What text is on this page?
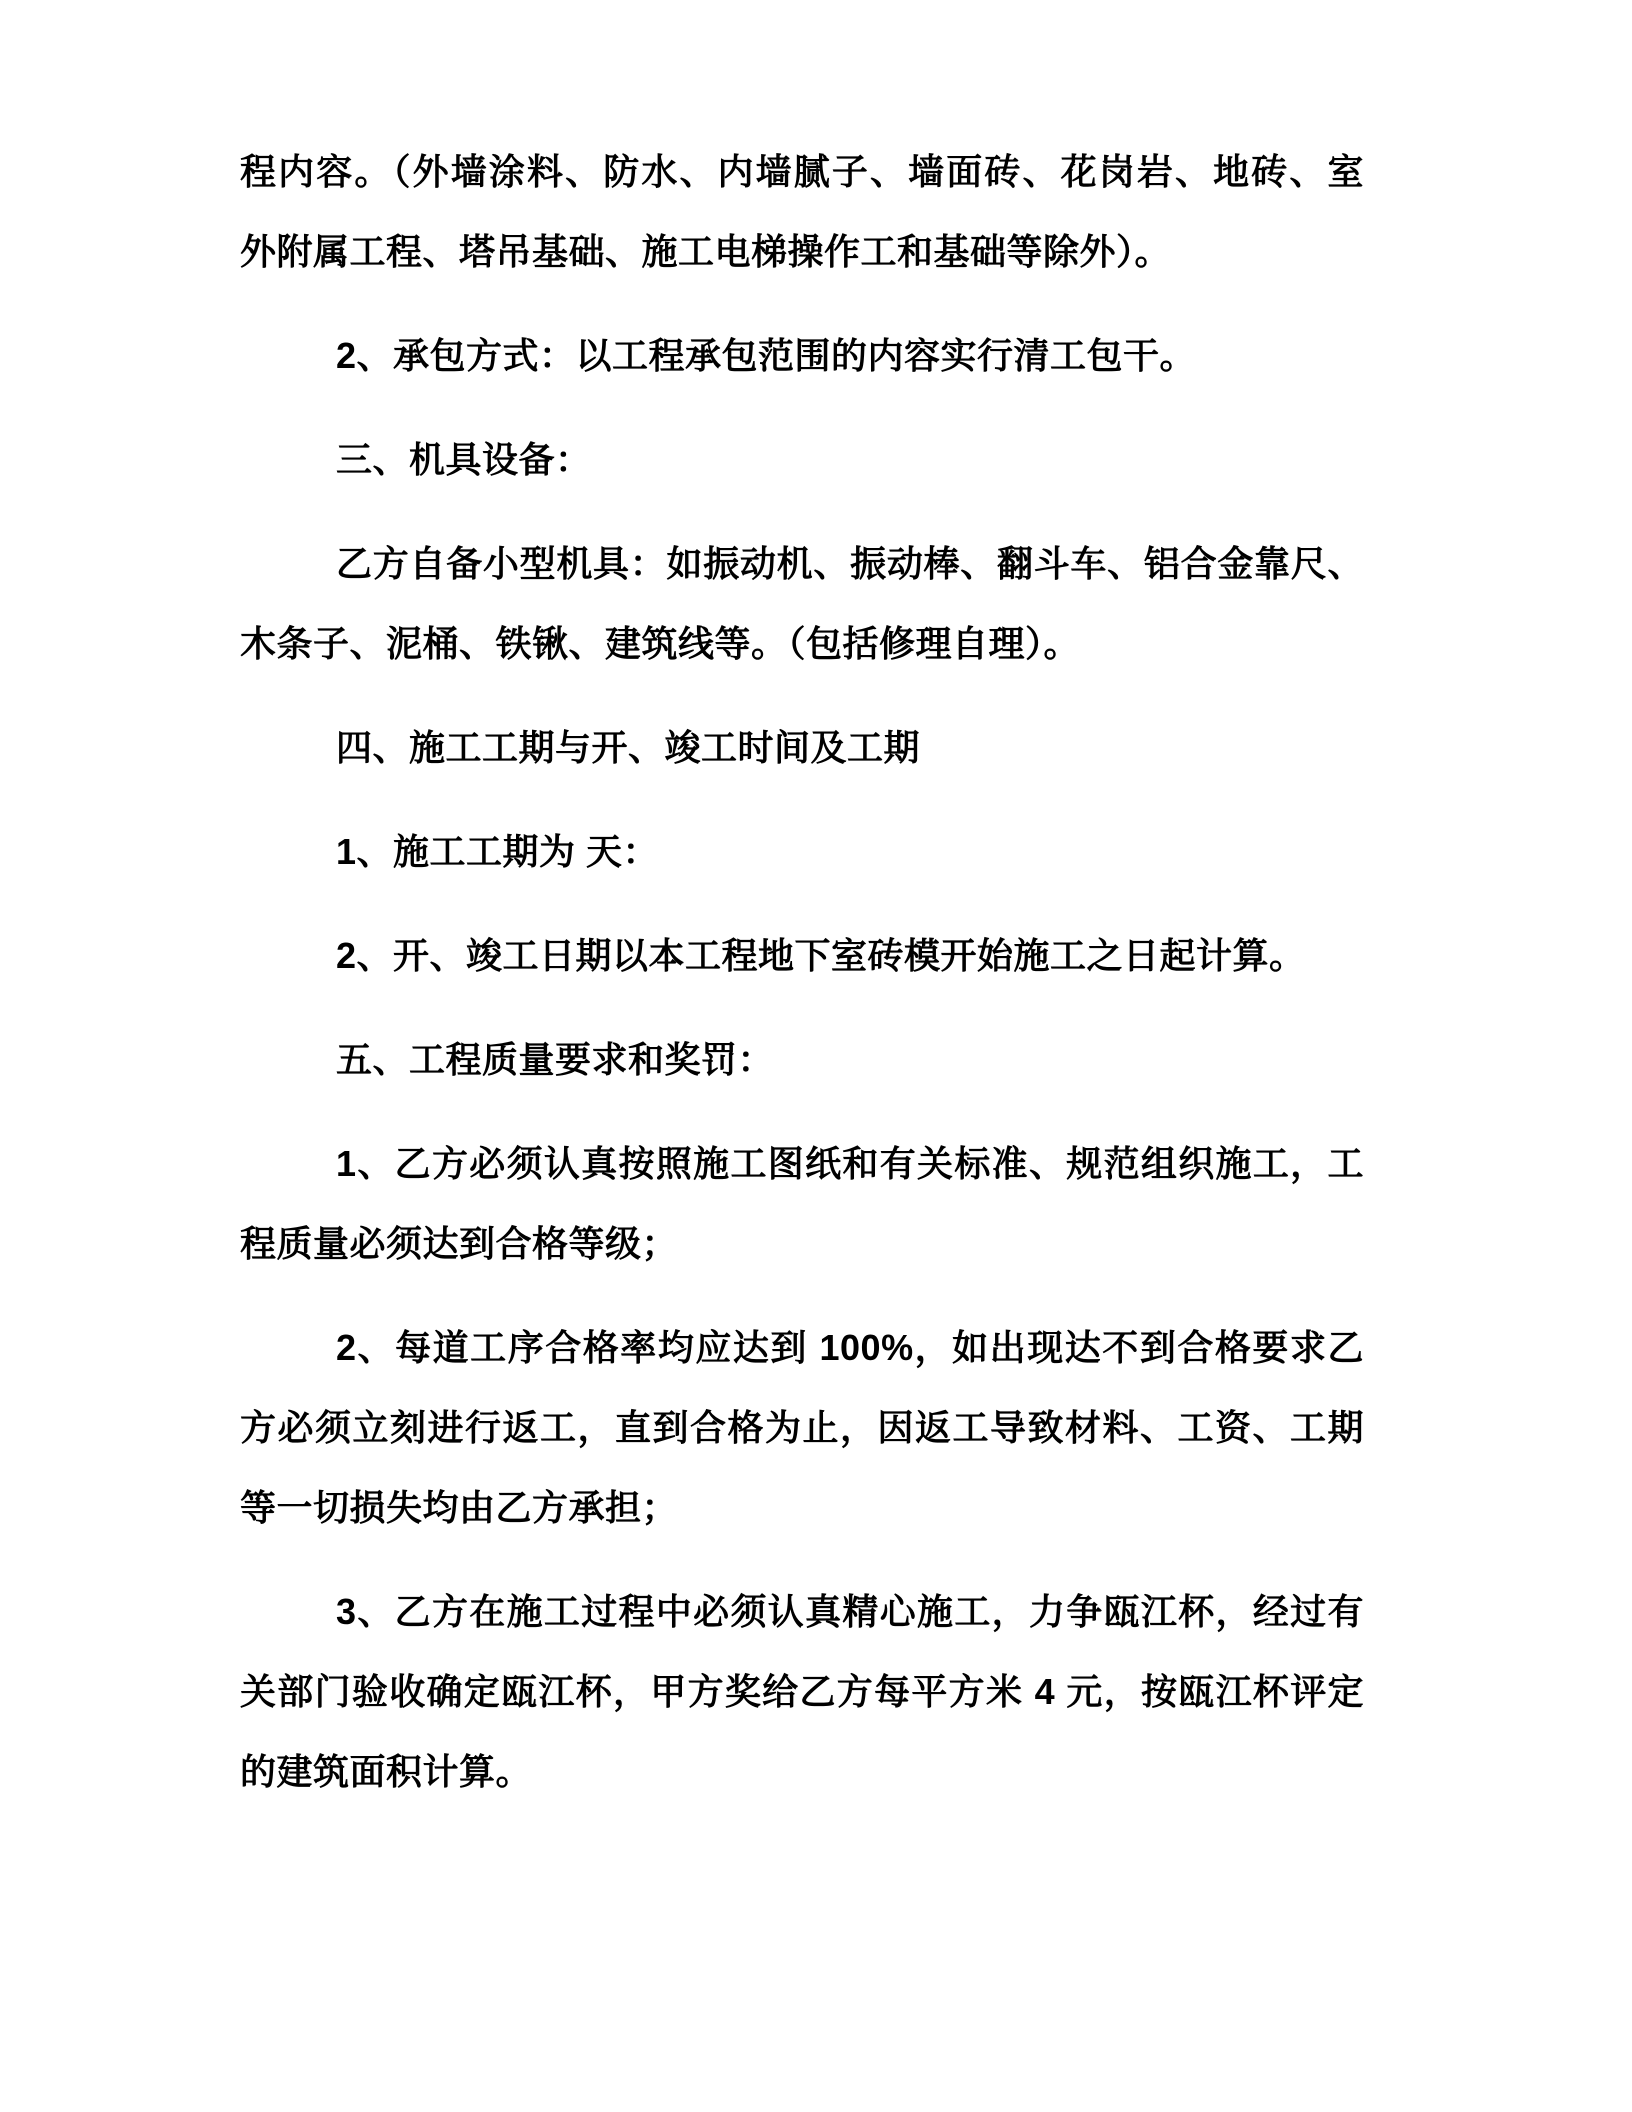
程内容。（外墙涂料、防水、内墙腻子、墙面砖、花岗岩、地砖、室
外附属工程、塔吊基础、施工电梯操作工和基础等除外）。

2、承包方式：以工程承包范围的内容实行清工包干。

三、机具设备：

乙方自备小型机具：如振动机、振动棒、翻斗车、铝合金靠尺、
木条子、泥桶、铁锹、建筑线等。（包括修理自理）。

四、施工工期与开、竣工时间及工期

1、施工工期为 天：

2、开、竣工日期以本工程地下室砖模开始施工之日起计算。

五、工程质量要求和奖罚：

1、乙方必须认真按照施工图纸和有关标准、规范组织施工，工
程质量必须达到合格等级；

2、每道工序合格率均应达到 100%，如出现达不到合格要求乙
方必须立刻进行返工，直到合格为止，因返工导致材料、工资、工期
等一切损失均由乙方承担；

3、乙方在施工过程中必须认真精心施工，力争瓯江杯，经过有
关部门验收确定瓯江杯，甲方奖给乙方每平方米 4 元，按瓯江杯评定
的建筑面积计算。
